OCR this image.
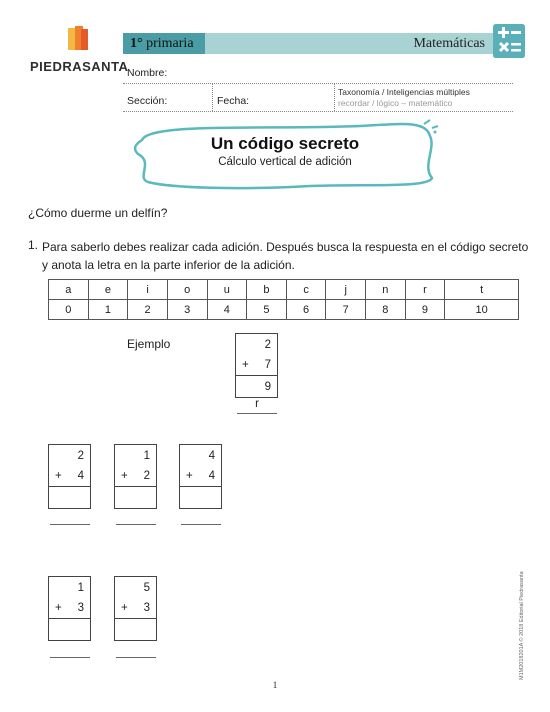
PIEDRASANTA
1° primaria	Matemáticas
Nombre:
Sección:	Fecha:
Taxonomía / Inteligencias múltiples
recordar / lógico – matemático
Un código secreto
Cálculo vertical de adición
¿Cómo duerme un delfín?
1. Para saberlo debes realizar cada adición. Después busca la respuesta en el código secreto y anota la letra en la parte inferior de la adición.
a	e	i	o	u	b	c	j	n	r	t
0	1	2	3	4	5	6	7	8	9	10
Ejemplo	2
+ 7
9
r
2
+ 4
1
+ 2
4
+ 4
1
+ 3
5
+ 3	M1M2018201A © 2018 Editorial Piedrasanta
1
